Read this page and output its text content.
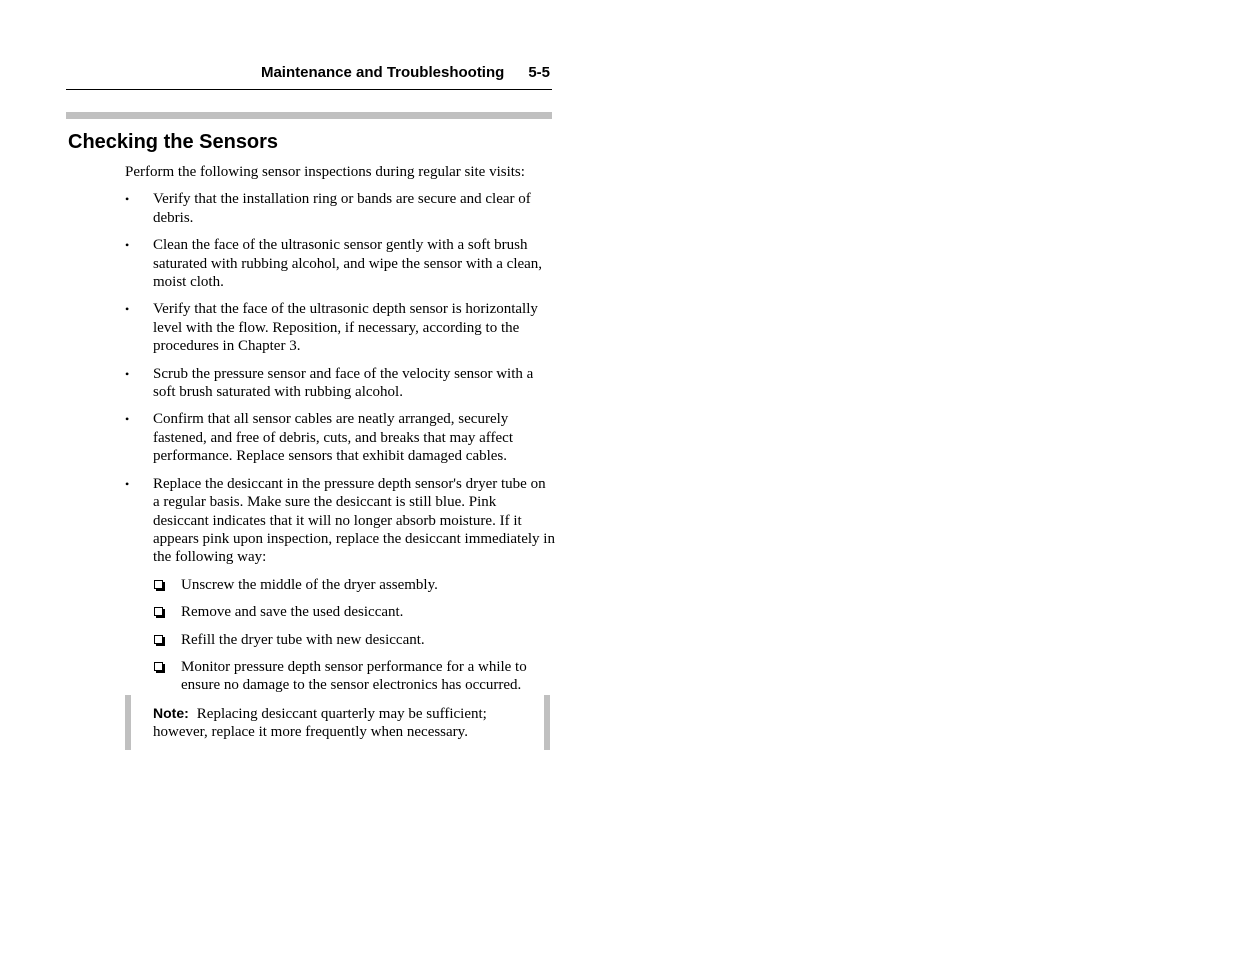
Maintenance and Troubleshooting 5-5
Checking the Sensors

Perform the following sensor inspections during regular site visits:

•	Verify that the installation ring or bands are secure and clear of debris.
•	Clean the face of the ultrasonic sensor gently with a soft brush saturated with rubbing alcohol, and wipe the sensor with a clean, moist cloth.
•	Verify that the face of the ultrasonic depth sensor is horizontally level with the flow. Reposition, if necessary, according to the procedures in Chapter 3.
•	Scrub the pressure sensor and face of the velocity sensor with a soft brush saturated with rubbing alcohol.
•	Confirm that all sensor cables are neatly arranged, securely fastened, and free of debris, cuts, and breaks that may affect performance. Replace sensors that exhibit damaged cables.
•	Replace the desiccant in the pressure depth sensor's dryer tube on a regular basis. Make sure the desiccant is still blue. Pink desiccant indicates that it will no longer absorb moisture. If it appears pink upon inspection, replace the desiccant immediately in the following way:
Unscrew the middle of the dryer assembly.
Remove and save the used desiccant.
Refill the dryer tube with new desiccant.
Monitor pressure depth sensor performance for a while to ensure no damage to the sensor electronics has occurred.
Note: Replacing desiccant quarterly may be sufficient; however, replace it more frequently when necessary.
